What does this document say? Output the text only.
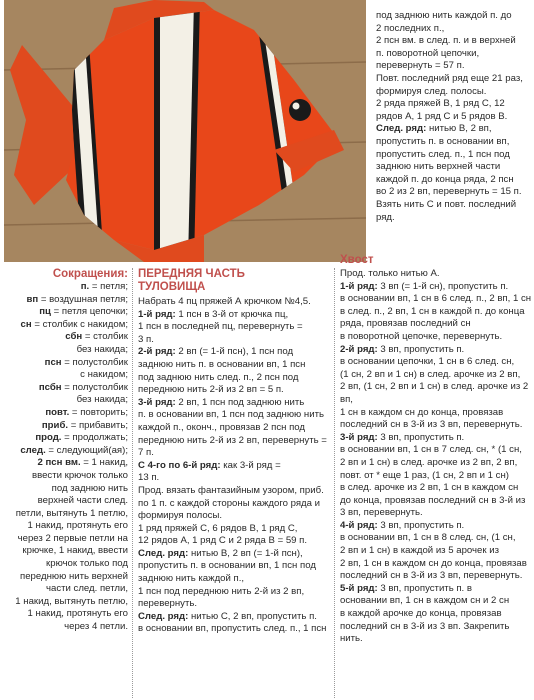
под заднюю нить каждой п. до

2 последних п.,

2 псн вм. в след. п. и в верхней

п. поворотной цепочки,

перевернуть = 57 п.

Повт. последний ряд еще 21 раз,

формируя след. полосы.

2 ряда пряжей В, 1 ряд С, 12

рядов А, 1 ряд С и 5 рядов В.

След. ряд: нитью В, 2 вп,

пропустить п. в основании вп,

пропустить след. п., 1 псн под

заднюю нить верхней части

каждой п. до конца ряда, 2 пcн

во 2 из 2 вп, перевернуть = 15 п.

Взять нить С и повт. последний

ряд.

Сокращения:

п. = петля;

вп = воздушная петля;

пц = петля цепочки;

сн = столбик с накидом;

сбн = столбик

без накида;

псн = полустолбик

с накидом;

псбн = полустолбик

без накида;

повт. = повторить;

приб. = прибавить;

прод. = продолжать;

след. = следующий(ая);

2 псн вм. = 1 накид,

ввести крючок только

под заднюю нить

верхней части след.

петли, вытянуть 1 петлю,

1 накид, протянуть его

через 2 первые петли на

крючке, 1 накид, ввести

крючок только под

переднюю нить верхней

части след. петли,

1 накид, вытянуть петлю,

1 накид, протянуть его

через 4 петли.

ПЕРЕДНЯЯ ЧАСТЬ
ТУЛОВИЩА

Набрать 4 пц пряжей А крючком №4,5.

1-й ряд: 1 псн в 3-й от крючка пц,

1 псн в последней пц, перевернуть =

3 п.

2-й ряд: 2 вп (= 1-й псн), 1 псн под

заднюю нить п. в основании вп, 1 псн

под заднюю нить след. п., 2 псн под

переднюю нить 2-й из 2 вп = 5 п.

3-й ряд: 2 вп, 1 псн под заднюю нить

п. в основании вп, 1 псн под заднюю нить

каждой п., оконч., провязав 2 псн под

переднюю нить 2-й из 2 вп, перевернуть =

7 п.

С 4-го по 6-й ряд: как 3-й ряд =

13 п.

Прод. вязать фантазийным узором, приб.

по 1 п. с каждой стороны каждого ряда и

формируя полосы.

1 ряд пряжей С, 6 рядов В, 1 ряд С,

12 рядов А, 1 ряд С и 2 ряда В = 59 п.

След. ряд: нитью В, 2 вп (= 1-й псн),

пропустить п. в основании вп, 1 псн под

заднюю нить каждой п.,

1 псн под переднюю нить 2-й из 2 вп,

перевернуть.

След. ряд: нитью С, 2 вп, пропустить п.

в основании вп, пропустить след. п., 1 псн

Хвост

Прод. только нитью А.

1-й ряд: 3 вп (= 1-й сн), пропустить п.

в основании вп, 1 сн в 6 след. п., 2 вп, 1 сн

в след. п., 2 вп, 1 сн в каждой п. до конца

ряда, провязав последний сн

в поворотной цепочке, перевернуть.

2-й ряд: 3 вп, пропустить п.

в основании цепочки, 1 сн в 6 след. сн,

(1 сн, 2 вп и 1 сн) в след. арочке из 2 вп,

2 вп, (1 сн, 2 вп и 1 сн) в след. арочке из 2 вп,

1 сн в каждом сн до конца, провязав

последний сн в 3-й из 3 вп, перевернуть.

3-й ряд: 3 вп, пропустить п.

в основании вп, 1 сн в 7 след. сн, * (1 сн,

2 вп и 1 сн) в след. арочке из 2 вп, 2 вп,

повт. от * еще 1 раз, (1 сн, 2 вп и 1 сн)

в след. арочке из 2 вп, 1 сн в каждом сн

до конца, провязав последний сн в 3-й из

3 вп, перевернуть.

4-й ряд: 3 вп, пропустить п.

в основании вп, 1 сн в 8 след. сн, (1 сн,

2 вп и 1 сн) в каждой из 5 арочек из

2 вп, 1 сн в каждом сн до конца, провязав

последний сн в 3-й из 3 вп, перевернуть.

5-й ряд: 3 вп, пропустить п. в

основании вп, 1 сн в каждом сн и 2 сн

в каждой арочке до конца, провязав

последний сн в 3-й из 3 вп. Закрепить

нить.
